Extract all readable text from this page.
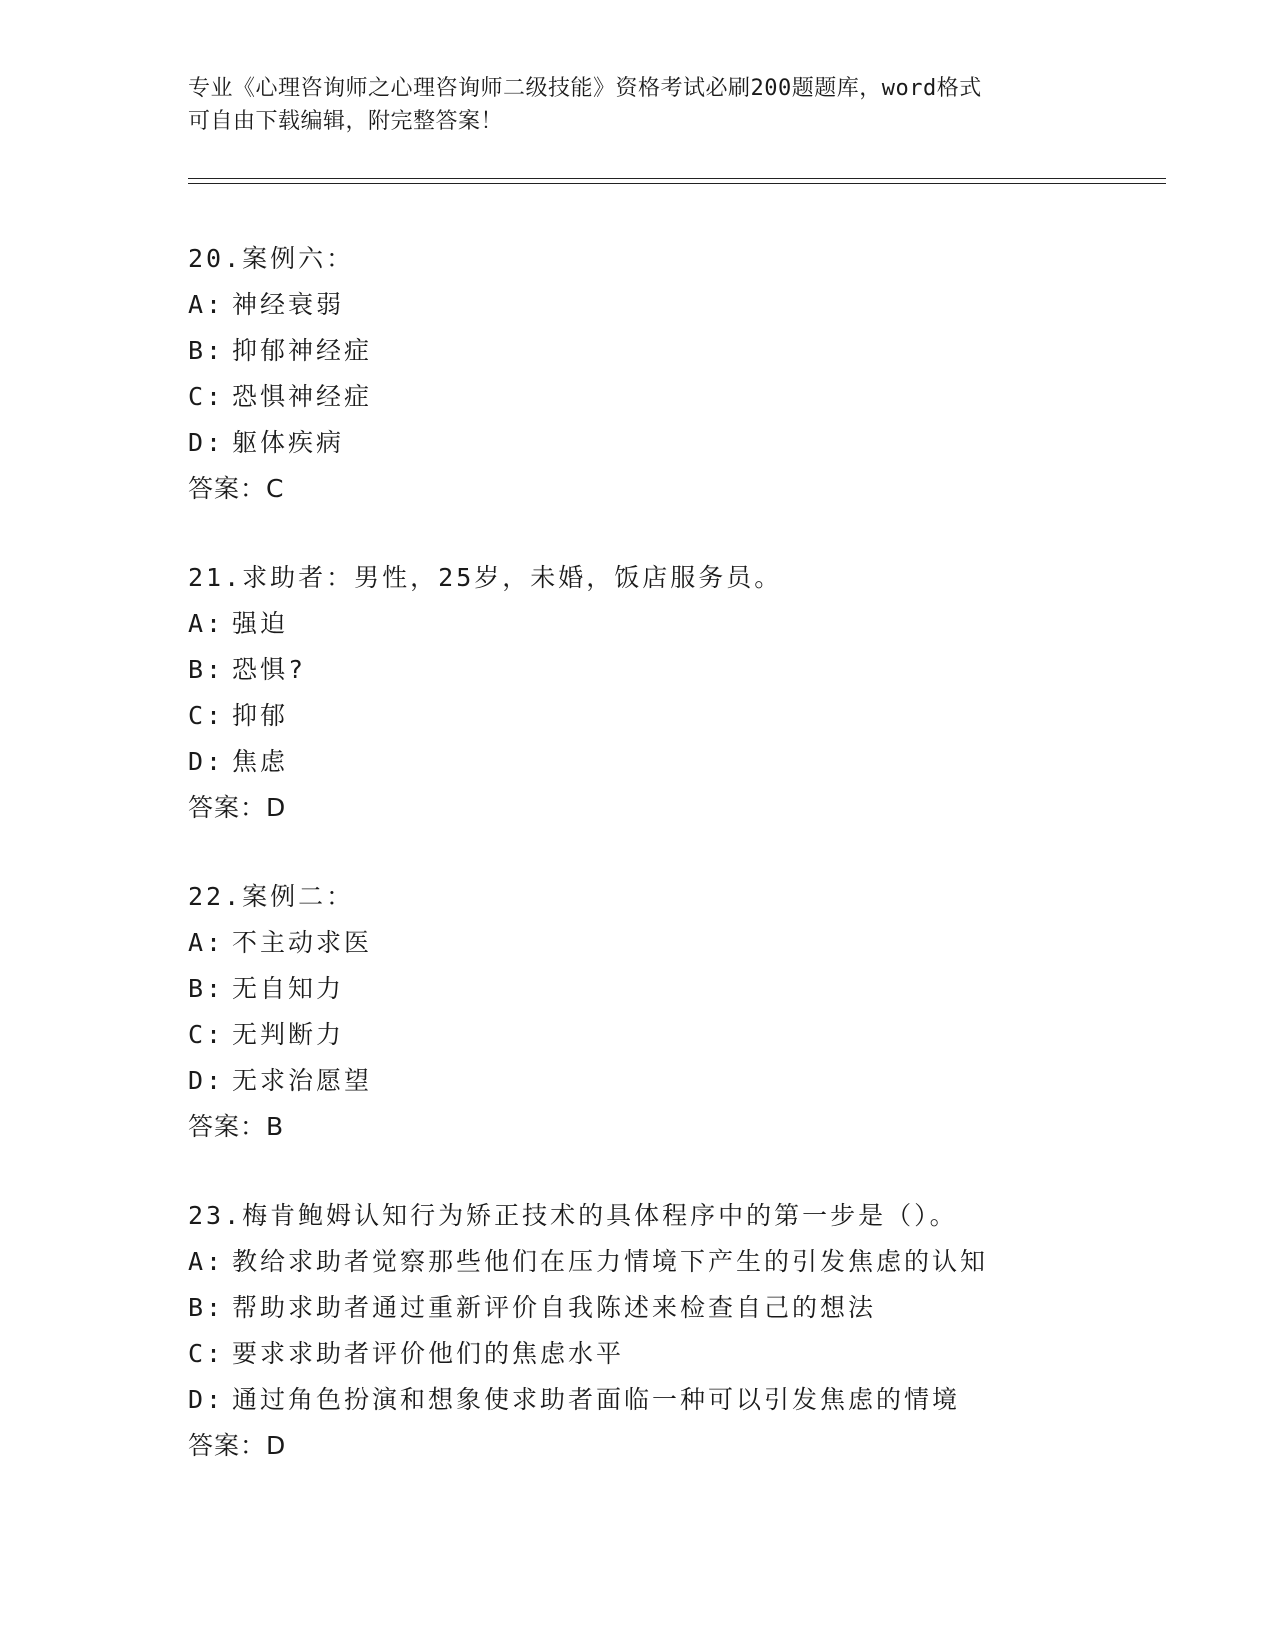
专业《心理咨询师之心理咨询师二级技能》资格考试必刷200题题库，word格式
可自由下载编辑，附完整答案！
20.案例六：
A: 神经衰弱
B: 抑郁神经症
C: 恐惧神经症
D: 躯体疾病
答案：C
21.求助者：男性，25岁，未婚，饭店服务员。
A: 强迫
B: 恐惧?
C: 抑郁
D: 焦虑
答案：D
22.案例二：
A: 不主动求医
B: 无自知力
C: 无判断力
D: 无求治愿望
答案：B
23.梅肯鲍姆认知行为矫正技术的具体程序中的第一步是（）。
A: 教给求助者觉察那些他们在压力情境下产生的引发焦虑的认知
B: 帮助求助者通过重新评价自我陈述来检查自己的想法
C: 要求求助者评价他们的焦虑水平
D: 通过角色扮演和想象使求助者面临一种可以引发焦虑的情境
答案：D
